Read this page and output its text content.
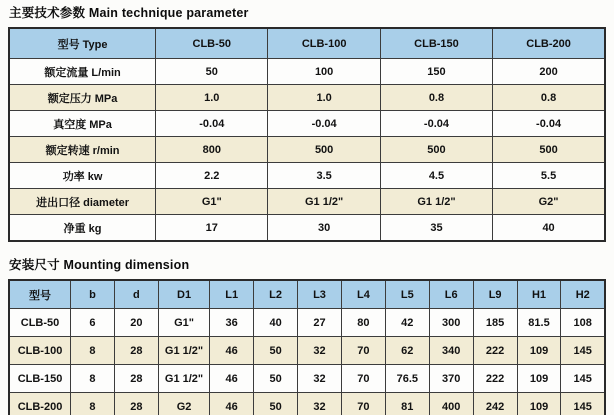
主要技术参数 Main technique parameter
型号 Type	CLB-50	CLB-100	CLB-150	CLB-200
额定流量 L/min	50	100	150	200
额定压力 MPa	1.0	1.0	0.8	0.8
真空度 MPa	-0.04	-0.04	-0.04	-0.04
额定转速 r/min	800	500	500	500
功率 kw	2.2	3.5	4.5	5.5
进出口径 diameter	G1"	G1 1/2"	G1 1/2"	G2"
净重 kg	17	30	35	40
安装尺寸 Mounting dimension
型号	b	d	D1	L1	L2	L3	L4	L5	L6	L9	H1	H2
CLB-50	6	20	G1"	36	40	27	80	42	300	185	81.5	108
CLB-100	8	28	G1 1/2"	46	50	32	70	62	340	222	109	145
CLB-150	8	28	G1 1/2"	46	50	32	70	76.5	370	222	109	145
CLB-200	8	28	G2	46	50	32	70	81	400	242	109	145
